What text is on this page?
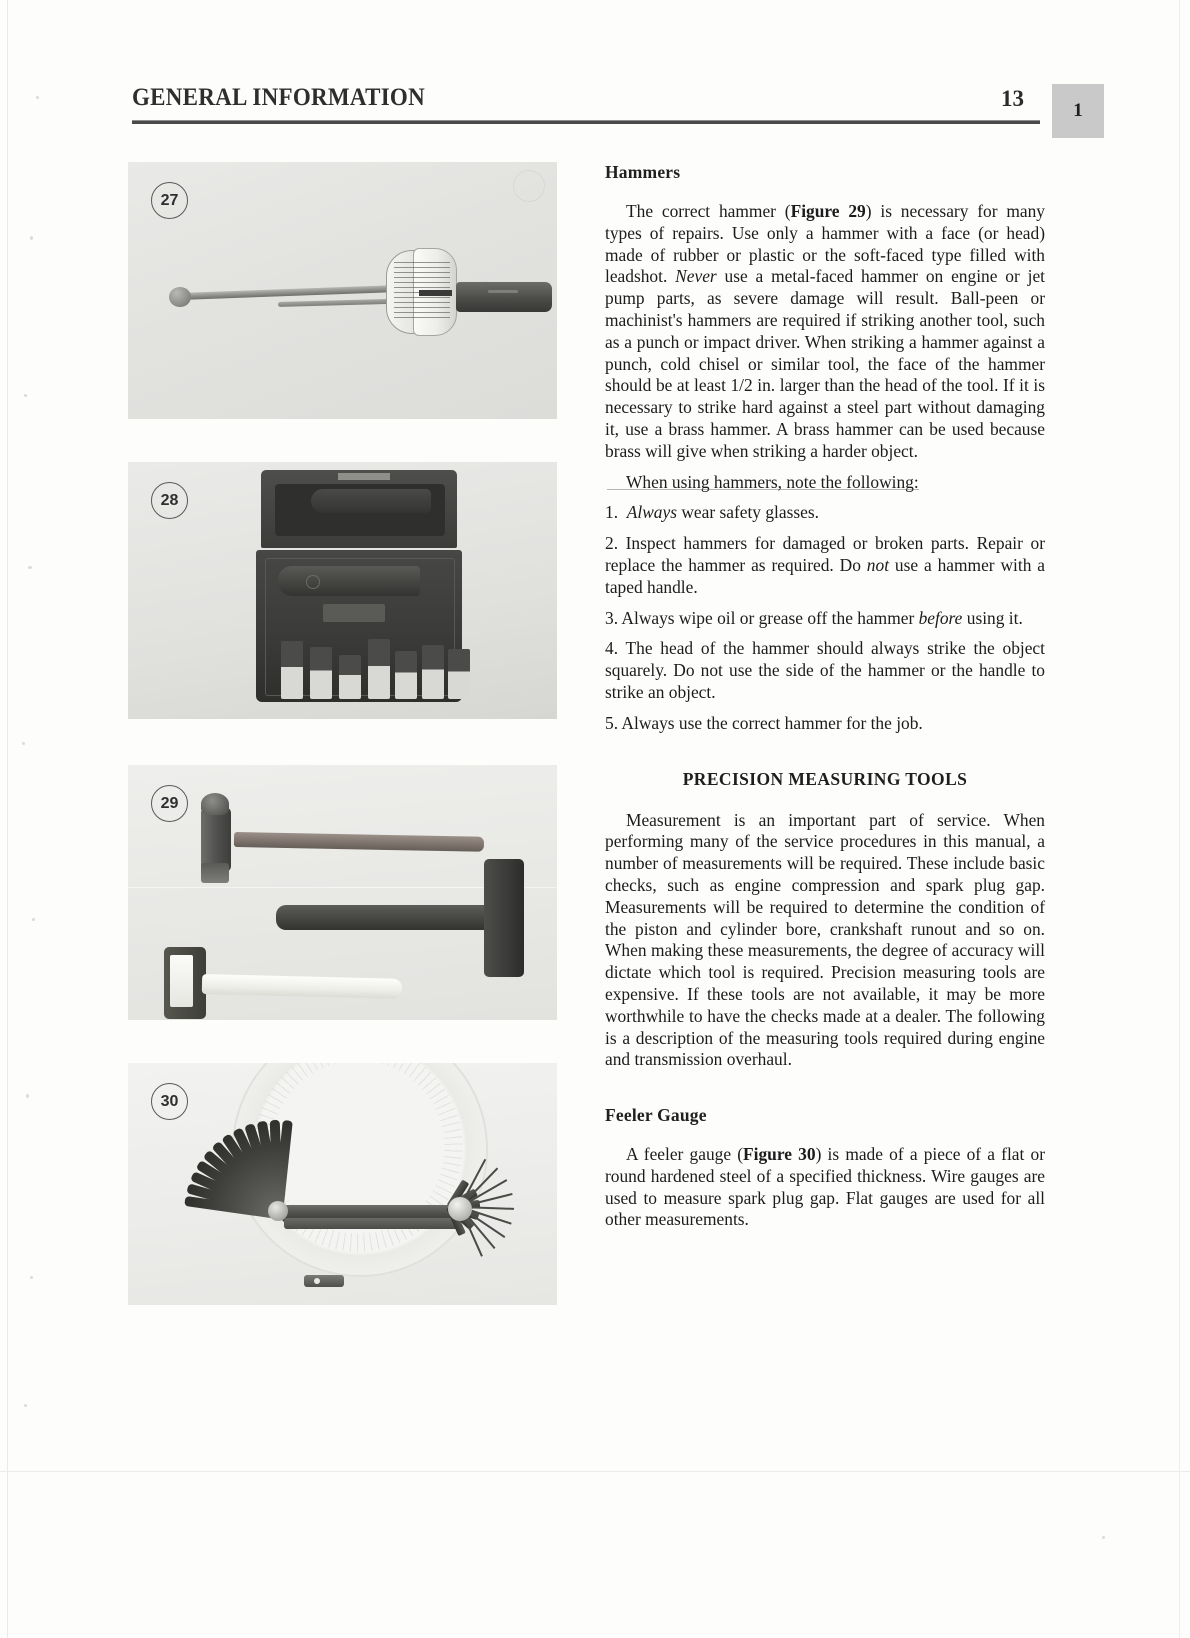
GENERAL INFORMATION	13	1
27
28
29
30
Hammers

The correct hammer (Figure 29) is necessary for many types of repairs. Use only a hammer with a face (or head) made of rubber or plastic or the soft-faced type filled with leadshot. Never use a metal-faced hammer on engine or jet pump parts, as severe damage will result. Ball-peen or machinist's hammers are required if striking another tool, such as a punch or impact driver. When striking a hammer against a punch, cold chisel or similar tool, the face of the hammer should be at least 1/2 in. larger than the head of the tool. If it is necessary to strike hard against a steel part without damaging it, use a brass hammer. A brass hammer can be used because brass will give when striking a harder object.

When using hammers, note the following:

1. Always wear safety glasses.

2. Inspect hammers for damaged or broken parts. Repair or replace the hammer as required. Do not use a hammer with a taped handle.

3. Always wipe oil or grease off the hammer before using it.

4. The head of the hammer should always strike the object squarely. Do not use the side of the hammer or the handle to strike an object.

5. Always use the correct hammer for the job.

PRECISION MEASURING TOOLS

Measurement is an important part of service. When performing many of the service procedures in this manual, a number of measurements will be required. These include basic checks, such as engine compression and spark plug gap. Measurements will be required to determine the condition of the piston and cylinder bore, crankshaft runout and so on. When making these measurements, the degree of accuracy will dictate which tool is required. Precision measuring tools are expensive. If these tools are not available, it may be more worthwhile to have the checks made at a dealer. The following is a description of the measuring tools required during engine and transmission overhaul.

Feeler Gauge

A feeler gauge (Figure 30) is made of a piece of a flat or round hardened steel of a specified thickness. Wire gauges are used to measure spark plug gap. Flat gauges are used for all other measurements.
